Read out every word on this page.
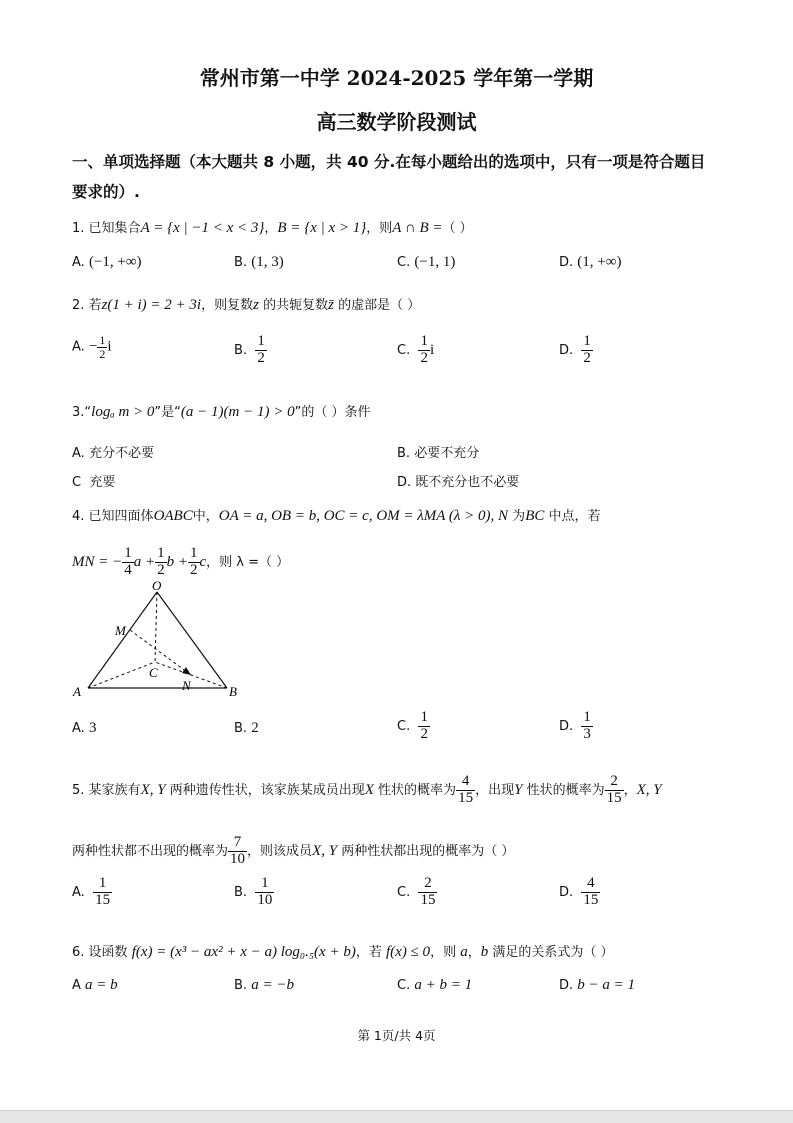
常州市第一中学 2024-2025 学年第一学期
高三数学阶段测试
一、单项选择题（本大题共 8 小题，共 40 分.在每小题给出的选项中，只有一项是符合题目
要求的）.
1. 已知集合A = {x | −1 < x < 3}，B = {x | x > 1}，则A ∩ B =（ ）
A. (−1, +∞)	B. (1, 3)	C. (−1, 1)	D. (1, +∞)
2. 若z(1 + i) = 2 + 3i，则复数z 的共轭复数z̄ 的虚部是（ ）
A. − $\frac{1}{2}$ i	B. $\frac{1}{2}$	C. $\frac{1}{2}$ i	D. $\frac{1}{2}$
3.“logₐ m > 0”是“(a − 1)(m − 1) > 0”的（ ）条件
A. 充分不必要	B. 必要不充分
C 充要	D. 既不充分也不必要
4. 已知四面体OABC中，OA = a, OB = b, OC = c, OM = λMA (λ > 0), N 为BC 中点，若
MN = − $\frac{1}{4}$ $a + \frac{1}{2}$ $b + \frac{1}{2}$ c，则 λ =（ ）
O
M
A	B
C
N
A. 3	B. 2	C. $\frac{1}{2}$	D. $\frac{1}{3}$
5. 某家族有X, Y 两种遗传性状，该家族某成员出现X 性状的概率为 $\frac{4}{15}$ ，出现Y 性状的概率为 $\frac{2}{15}$ ，X, Y
两种性状都不出现的概率为 $\frac{7}{10}$ ，则该成员X, Y 两种性状都出现的概率为（ ）
A. $\frac{1}{15}$	B. $\frac{1}{10}$	C. $\frac{2}{15}$	D. $\frac{4}{15}$
6. 设函数 f(x) = (x³ − ax² + x − a) log₀.₅(x + b)，若 f(x) ≤ 0，则 a，b 满足的关系式为（ ）
A a = b	B. a = −b	C. a + b = 1	D. b − a = 1
第 1页/共 4页
